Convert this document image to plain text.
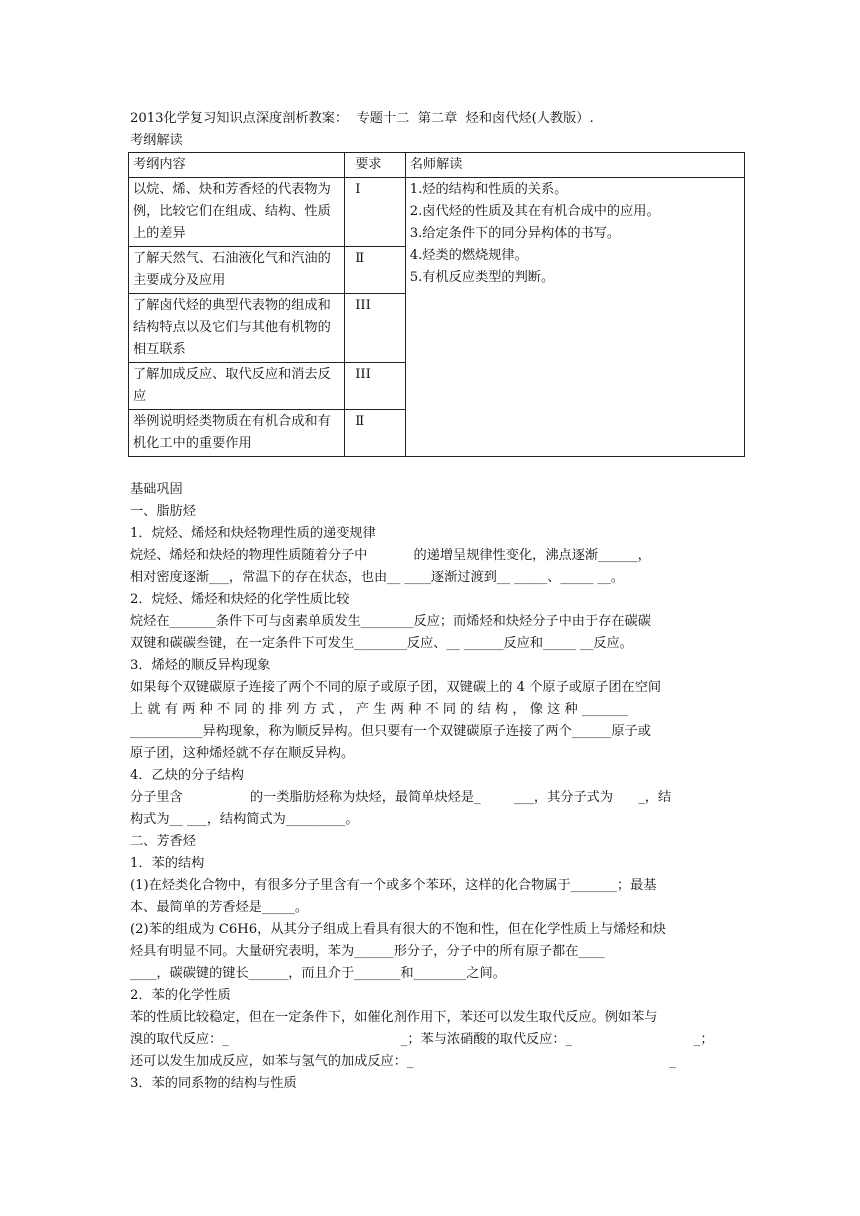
2013化学复习知识点深度剖析教案：  专题十二  第二章  烃和卤代烃(人教版）.
考纲解读
考纲内容	要求	名师解读
以烷、烯、炔和芳香烃的代表物为例，比较它们在组成、结构、性质上的差异	Ⅰ	1.烃的结构和性质的关系。
2.卤代烃的性质及其在有机合成中的应用。
3.给定条件下的同分异构体的书写。
4.烃类的燃烧规律。
5.有机反应类型的判断。

了解天然气、石油液化气和汽油的主要成分及应用	Ⅱ	
了解卤代烃的典型代表物的组成和结构特点以及它们与其他有机物的相互联系	III	
了解加成反应、取代反应和消去反应	III	
举例说明烃类物质在有机合成和有机化工中的重要作用	Ⅱ	
基础巩固
一、脂肪烃
1．烷烃、烯烃和炔烃物理性质的递变规律
烷烃、烯烃和炔烃的物理性质随着分子中           的递增呈规律性变化，沸点逐渐______，
相对密度逐渐___，常温下的存在状态，也由__ ____逐渐过渡到__ _____、_____ __。
2．烷烃、烯烃和炔烃的化学性质比较
烷烃在_______条件下可与卤素单质发生________反应；而烯烃和炔烃分子中由于存在碳碳
双键和碳碳叁键，在一定条件下可发生________反应、__ ______反应和_____ __反应。
3．烯烃的顺反异构现象
如果每个双键碳原子连接了两个不同的原子或原子团，双键碳上的 4 个原子或原子团在空间
上 就 有 两 种 不 同 的 排 列 方 式 ， 产 生 两 种 不 同 的 结 构 ， 像 这 种 _______
___________异构现象，称为顺反异构。但只要有一个双键碳原子连接了两个______原子或
原子团，这种烯烃就不存在顺反异构。
4．乙炔的分子结构
分子里含                的一类脂肪烃称为炔烃，最简单炔烃是_        ___，其分子式为      _，结
构式为__ ___，结构简式为_________。
二、芳香烃
1．苯的结构
(1)在烃类化合物中，有很多分子里含有一个或多个苯环，这样的化合物属于_______；最基
本、最简单的芳香烃是_____。
(2)苯的组成为 C6H6，从其分子组成上看具有很大的不饱和性，但在化学性质上与烯烃和炔
烃具有明显不同。大量研究表明，苯为______形分子，分子中的所有原子都在____
____，碳碳键的键长______，而且介于_______和________之间。
2．苯的化学性质
苯的性质比较稳定，但在一定条件下，如催化剂作用下，苯还可以发生取代反应。例如苯与
溴的取代反应：_                                         _；苯与浓硝酸的取代反应：_                             _；
还可以发生加成反应，如苯与氢气的加成反应：_                                                             _
3．苯的同系物的结构与性质
